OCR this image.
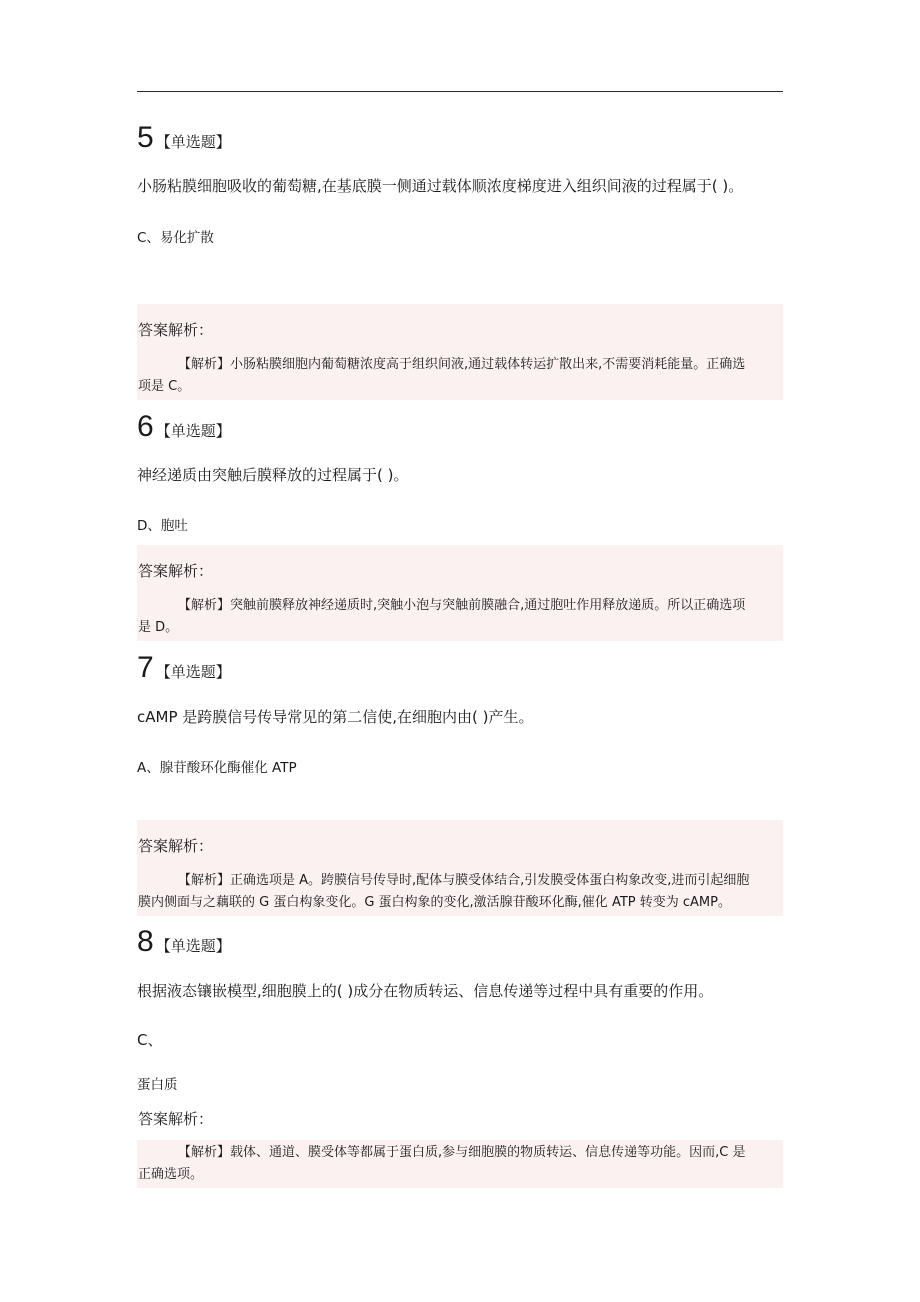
5 【单选题】
小肠粘膜细胞吸收的葡萄糖,在基底膜一侧通过载体顺浓度梯度进入组织间液的过程属于( )。
C、易化扩散
答案解析：
【解析】小肠粘膜细胞内葡萄糖浓度高于组织间液,通过载体转运扩散出来,不需要消耗能量。正确选
项是 C。
6 【单选题】
神经递质由突触后膜释放的过程属于( )。
D、胞吐
答案解析：
【解析】突触前膜释放神经递质时,突触小泡与突触前膜融合,通过胞吐作用释放递质。所以正确选项
是 D。
7 【单选题】
cAMP 是跨膜信号传导常见的第二信使,在细胞内由( )产生。
A、腺苷酸环化酶催化 ATP
答案解析：
【解析】正确选项是 A。跨膜信号传导时,配体与膜受体结合,引发膜受体蛋白构象改变,进而引起细胞
膜内侧面与之藕联的 G 蛋白构象变化。G 蛋白构象的变化,激活腺苷酸环化酶,催化 ATP 转变为 cAMP。
8 【单选题】
根据液态镶嵌模型,细胞膜上的( )成分在物质转运、信息传递等过程中具有重要的作用。
C、
蛋白质
答案解析：
【解析】载体、通道、膜受体等都属于蛋白质,参与细胞膜的物质转运、信息传递等功能。因而,C 是
正确选项。
